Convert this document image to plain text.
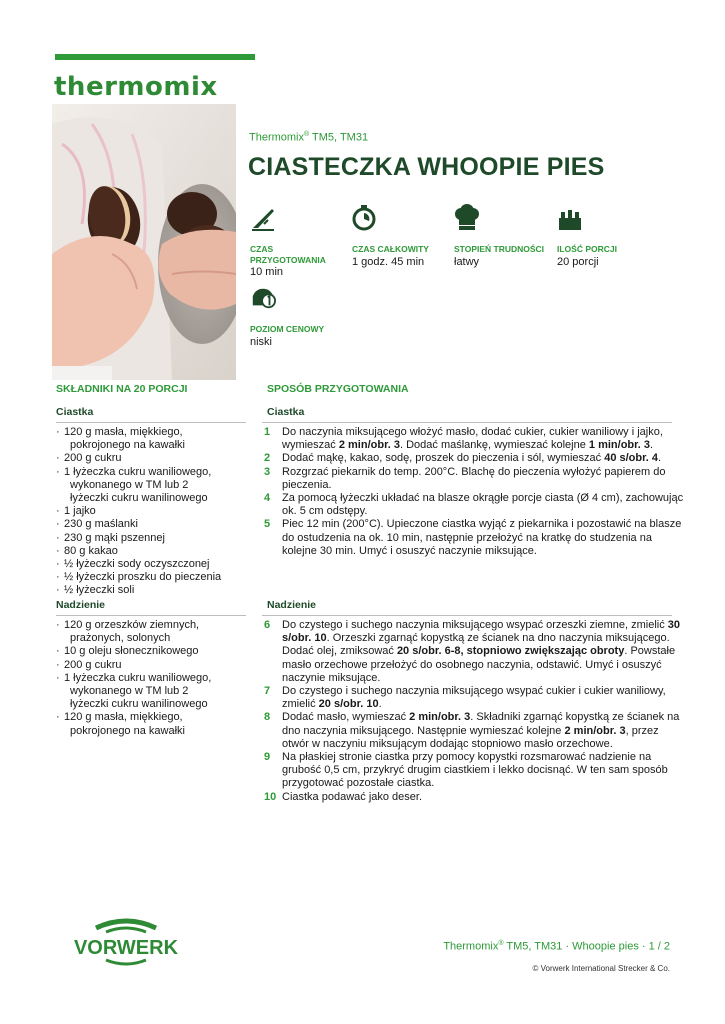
thermomix
Thermomix® TM5, TM31
CIASTECZKA WHOOPIE PIES
CZAS PRZYGOTOWANIA
10 min
CZAS CAŁKOWITY
1 godz. 45 min
STOPIEŃ TRUDNOŚCI
łatwy
ILOŚĆ PORCJI
20 porcji
POZIOM CENOWY
niski
SKŁADNIKI NA 20 PORCJI
Ciastka
· 120 g masła, miękkiego,
pokrojonego na kawałki
· 200 g cukru
· 1 łyżeczka cukru waniliowego,
wykonanego w TM lub 2
łyżeczki cukru wanilinowego
· 1 jajko
· 230 g maślanki
· 230 g mąki pszennej
· 80 g kakao
· ½ łyżeczki sody oczyszczonej
· ½ łyżeczki proszku do pieczenia
· ½ łyżeczki soli
Nadzienie
· 120 g orzeszków ziemnych,
prażonych, solonych
· 10 g oleju słonecznikowego
· 200 g cukru
· 1 łyżeczka cukru waniliowego,
wykonanego w TM lub 2
łyżeczki cukru wanilinowego
· 120 g masła, miękkiego,
pokrojonego na kawałki
SPOSÓB PRZYGOTOWANIA
Ciastka
1 Do naczynia miksującego włożyć masło, dodać cukier, cukier waniliowy i jajko, wymieszać 2 min/obr. 3. Dodać maślankę, wymieszać kolejne 1 min/obr. 3.
2 Dodać mąkę, kakao, sodę, proszek do pieczenia i sól, wymieszać 40 s/obr. 4.
3 Rozgrzać piekarnik do temp. 200°C. Blachę do pieczenia wyłożyć papierem do pieczenia.
4 Za pomocą łyżeczki układać na blasze okrągłe porcje ciasta (Ø 4 cm), zachowując ok. 5 cm odstępy.
5 Piec 12 min (200°C). Upieczone ciastka wyjąć z piekarnika i pozostawić na blasze do ostudzenia na ok. 10 min, następnie przełożyć na kratkę do studzenia na kolejne 30 min. Umyć i osuszyć naczynie miksujące.
Nadzienie
6 Do czystego i suchego naczynia miksującego wsypać orzeszki ziemne, zmielić 30 s/obr. 10. Orzeszki zgarnąć kopystką ze ścianek na dno naczynia miksującego.
Dodać olej, zmiksować 20 s/obr. 6-8, stopniowo zwiększając obroty. Powstałe masło orzechowe przełożyć do osobnego naczynia, odstawić. Umyć i osuszyć naczynie miksujące.
7 Do czystego i suchego naczynia miksującego wsypać cukier i cukier waniliowy, zmielić 20 s/obr. 10.
8 Dodać masło, wymieszać 2 min/obr. 3. Składniki zgarnąć kopystką ze ścianek na dno naczynia miksującego. Następnie wymieszać kolejne 2 min/obr. 3, przez otwór w naczyniu miksującym dodając stopniowo masło orzechowe.
9 Na płaskiej stronie ciastka przy pomocy kopystki rozsmarować nadzienie na grubość 0,5 cm, przykryć drugim ciastkiem i lekko docisnąć. W ten sam sposób przygotować pozostałe ciastka.
10 Ciastka podawać jako deser.
VORWERK	Thermomix® TM5, TM31 · Whoopie pies · 1 / 2
© Vorwerk International Strecker & Co.
